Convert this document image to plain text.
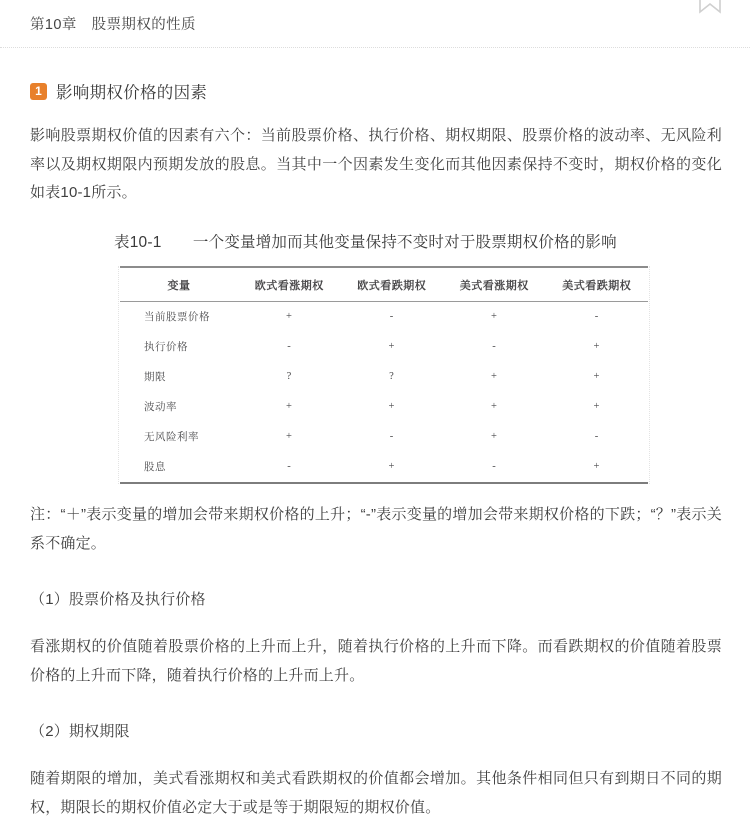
第10章　股票期权的性质
1 影响期权价格的因素

影响股票期权价值的因素有六个：当前股票价格、执行价格、期权期限、股票价格的波动率、无风险利率以及期权期限内预期发放的股息。当其中一个因素发生变化而其他因素保持不变时，期权价格的变化如表10-1所示。

表10-1　　一个变量增加而其他变量保持不变时对于股票期权价格的影响
变量	欧式看涨期权	欧式看跌期权	美式看涨期权	美式看跌期权
当前股票价格	+	-	+	-
执行价格	-	+	-	+
期限	?	?	+	+
波动率	+	+	+	+
无风险利率	+	-	+	-
股息	-	+	-	+

注：“＋”表示变量的增加会带来期权价格的上升；“-”表示变量的增加会带来期权价格的下跌；“？”表示关系不确定。

（1）股票价格及执行价格

看涨期权的价值随着股票价格的上升而上升，随着执行价格的上升而下降。而看跌期权的价值随着股票价格的上升而下降，随着执行价格的上升而上升。

（2）期权期限

随着期限的增加，美式看涨期权和美式看跌期权的价值都会增加。其他条件相同但只有到期日不同的期权，期限长的期权价值必定大于或是等于期限短的期权价值。
